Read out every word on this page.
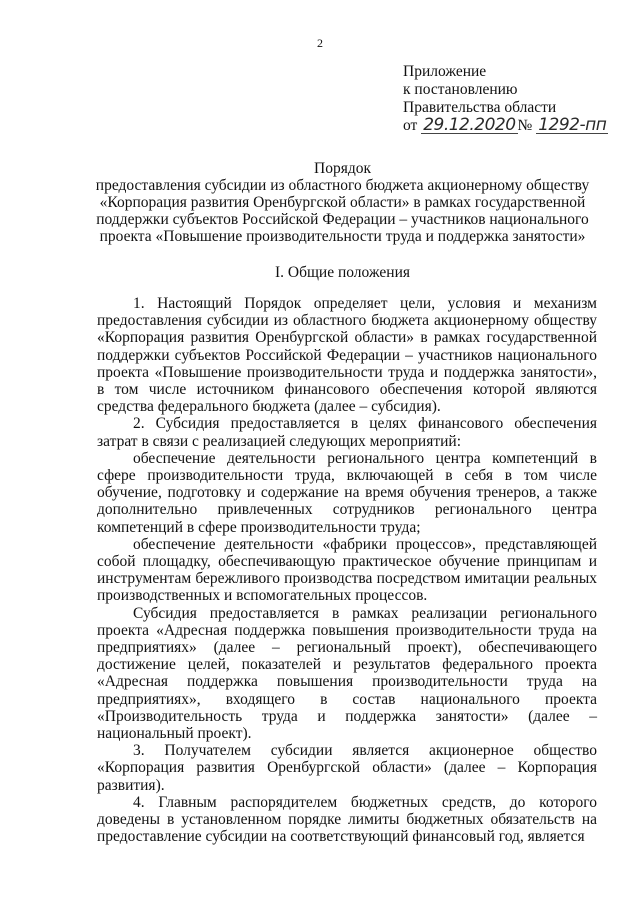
2
Приложение
к постановлению
Правительства области
от 29.12.2020 № 1292-пп

Порядок

предоставления субсидии из областного бюджета акционерному обществу

«Корпорация развития Оренбургской области» в рамках государственной

поддержки субъектов Российской Федерации – участников национального

проекта «Повышение производительности труда и поддержка занятости»

I. Общие положения

1. Настоящий Порядок определяет цели, условия и механизм предоставления субсидии из областного бюджета акционерному обществу «Корпорация развития Оренбургской области» в рамках государственной поддержки субъектов Российской Федерации – участников национального проекта «Повышение производительности труда и поддержка занятости», в том числе источником финансового обеспечения которой являются средства федерального бюджета (далее – субсидия).

2. Субсидия предоставляется в целях финансового обеспечения затрат в связи с реализацией следующих мероприятий:

обеспечение деятельности регионального центра компетенций в сфере производительности труда, включающей в себя в том числе обучение, подготовку и содержание на время обучения тренеров, а также дополнительно привлеченных сотрудников регионального центра компетенций в сфере производительности труда;

обеспечение деятельности «фабрики процессов», представляющей собой площадку, обеспечивающую практическое обучение принципам и инструментам бережливого производства посредством имитации реальных производственных и вспомогательных процессов.

Субсидия предоставляется в рамках реализации регионального проекта «Адресная поддержка повышения производительности труда на предприятиях» (далее – региональный проект), обеспечивающего достижение целей, показателей и результатов федерального проекта «Адресная поддержка повышения производительности труда на предприятиях», входящего в состав национального проекта «Производительность труда и поддержка занятости» (далее – национальный проект).

3. Получателем субсидии является акционерное общество «Корпорация развития Оренбургской области» (далее – Корпорация развития).

4. Главным распорядителем бюджетных средств, до которого доведены в установленном порядке лимиты бюджетных обязательств на предоставление субсидии на соответствующий финансовый год, является
